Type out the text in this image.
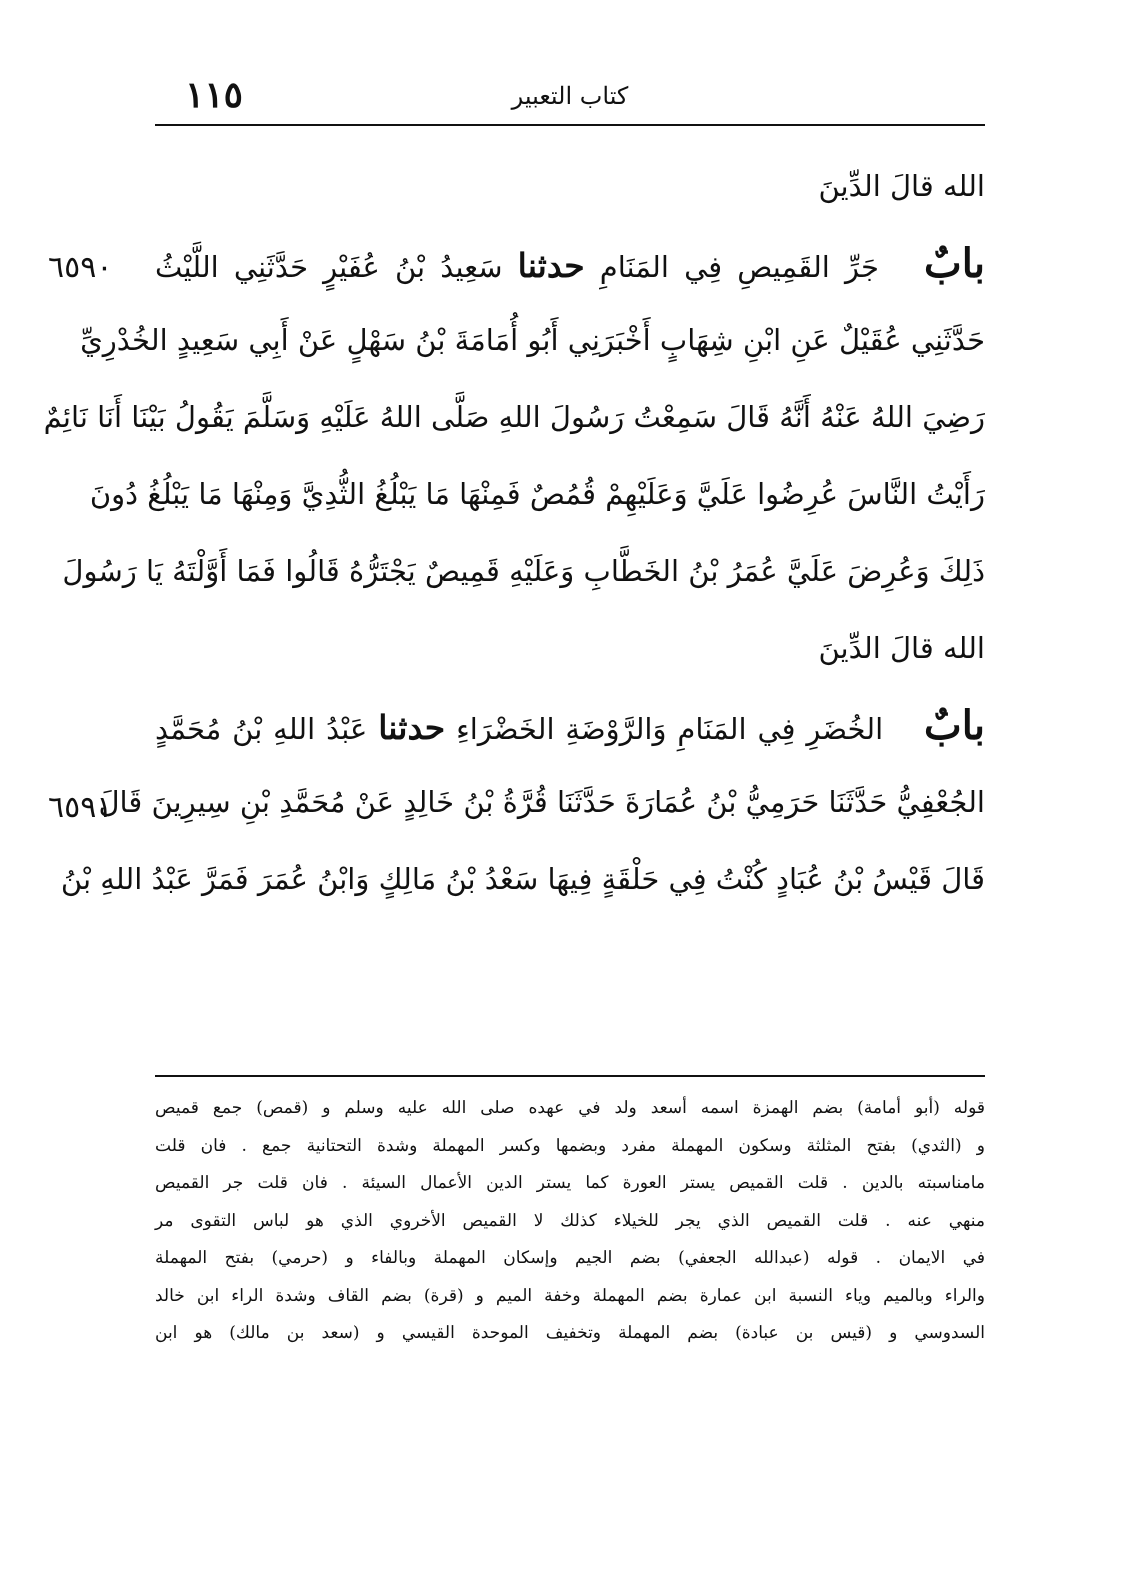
١١٥	كتاب التعبير
الله قالَ الدِّينَ
بابٌ جَرِّ القَمِيصِ فِي المَنَامِ حدثنا سَعِيدُ بْنُ عُفَيْرٍ حَدَّثَنِي اللَّيْثُ
حَدَّثَنِي عُقَيْلٌ عَنِ ابْنِ شِهَابٍ أَخْبَرَنِي أَبُو أُمَامَةَ بْنُ سَهْلٍ عَنْ أَبِي سَعِيدٍ الخُدْرِيِّ
رَضِيَ اللهُ عَنْهُ أَنَّهُ قَالَ سَمِعْتُ رَسُولَ اللهِ صَلَّى اللهُ عَلَيْهِ وَسَلَّمَ يَقُولُ بَيْنَا أَنَا نَائِمٌ
رَأَيْتُ النَّاسَ عُرِضُوا عَلَيَّ وَعَلَيْهِمْ قُمُصٌ فَمِنْهَا مَا يَبْلُغُ الثُّدِيَّ وَمِنْهَا مَا يَبْلُغُ دُونَ
ذَلِكَ وَعُرِضَ عَلَيَّ عُمَرُ بْنُ الخَطَّابِ وَعَلَيْهِ قَمِيصٌ يَجْتَرُّهُ قَالُوا فَمَا أَوَّلْتَهُ يَا رَسُولَ
الله قالَ الدِّينَ
بابٌ الخُضَرِ فِي المَنَامِ وَالرَّوْضَةِ الخَضْرَاءِ حدثنا عَبْدُ اللهِ بْنُ مُحَمَّدٍ
الجُعْفِيُّ حَدَّثَنَا حَرَمِيُّ بْنُ عُمَارَةَ حَدَّثَنَا قُرَّةُ بْنُ خَالِدٍ عَنْ مُحَمَّدِ بْنِ سِيرِينَ قَالَ
قَالَ قَيْسُ بْنُ عُبَادٍ كُنْتُ فِي حَلْقَةٍ فِيهَا سَعْدُ بْنُ مَالِكٍ وَابْنُ عُمَرَ فَمَرَّ عَبْدُ اللهِ بْنُ
٦٥٩٠
٦٥٩١
قوله (أبو أمامة) بضم الهمزة اسمه أسعد ولد في عهده صلى الله عليه وسلم و (قمص) جمع قميص
و (الثدي) بفتح المثلثة وسكون المهملة مفرد وبضمها وكسر المهملة وشدة التحتانية جمع . فان قلت
مامناسبته بالدين . قلت القميص يستر العورة كما يستر الدين الأعمال السيئة . فان قلت جر القميص
منهي عنه . قلت القميص الذي يجر للخيلاء كذلك لا القميص الأخروي الذي هو لباس التقوى مر
في الايمان . قوله (عبدالله الجعفي) بضم الجيم وإسكان المهملة وبالفاء و (حرمي) بفتح المهملة
والراء وبالميم وياء النسبة ابن عمارة بضم المهملة وخفة الميم و (قرة) بضم القاف وشدة الراء ابن خالد
السدوسي و (قيس بن عبادة) بضم المهملة وتخفيف الموحدة القيسي و (سعد بن مالك) هو ابن
